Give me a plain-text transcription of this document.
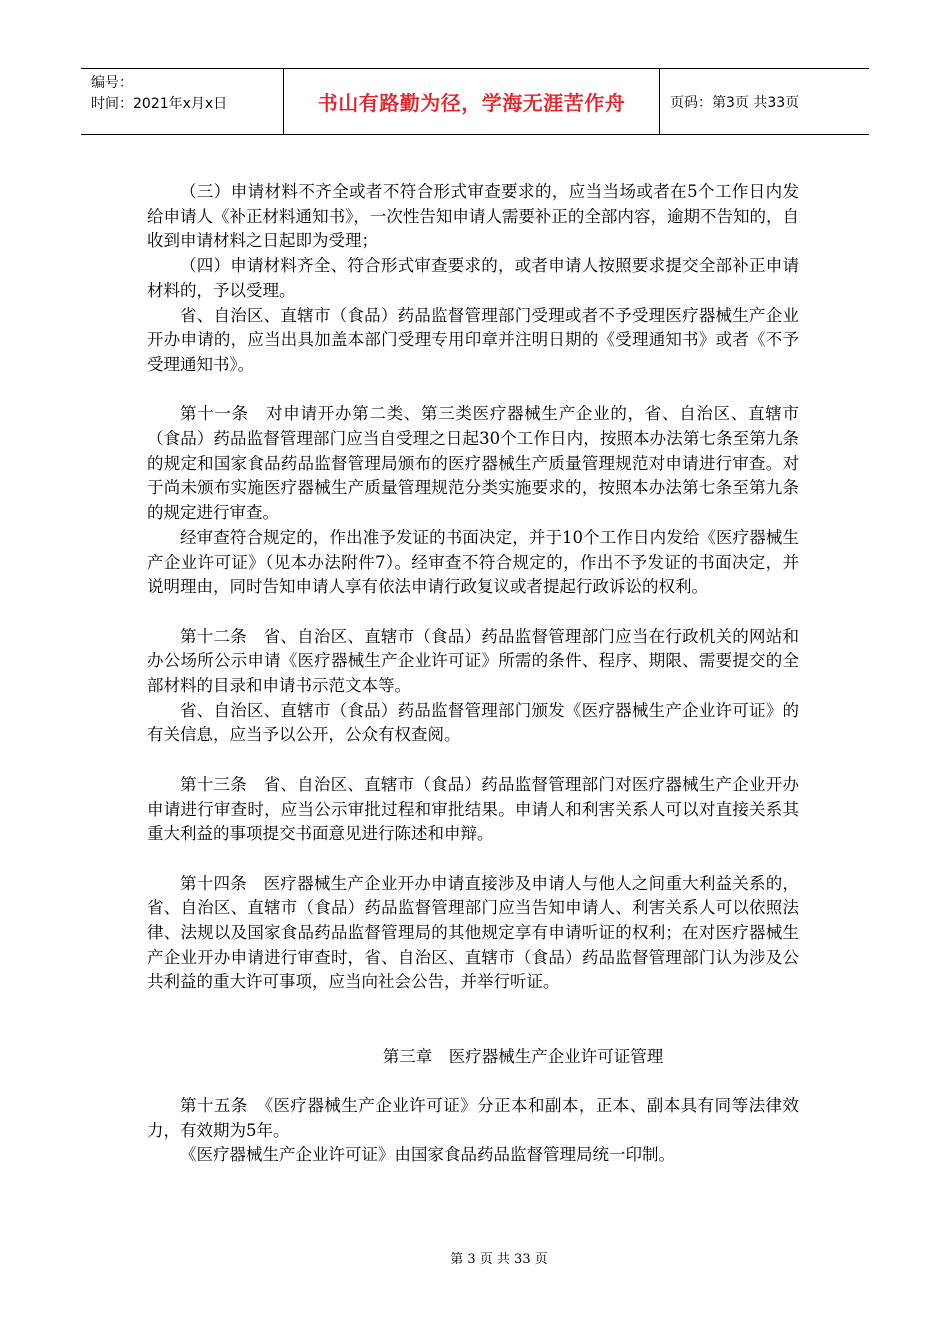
编号：
时间：2021年x月x日	书山有路勤为径，学海无涯苦作舟	页码：第3页 共33页

（三）申请材料不齐全或者不符合形式审查要求的，应当当场或者在5个工作日内发给申请人《补正材料通知书》，一次性告知申请人需要补正的全部内容，逾期不告知的，自收到申请材料之日起即为受理；

（四）申请材料齐全、符合形式审查要求的，或者申请人按照要求提交全部补正申请材料的，予以受理。

省、自治区、直辖市（食品）药品监督管理部门受理或者不予受理医疗器械生产企业开办申请的，应当出具加盖本部门受理专用印章并注明日期的《受理通知书》或者《不予受理通知书》。

第十一条　对申请开办第二类、第三类医疗器械生产企业的，省、自治区、直辖市（食品）药品监督管理部门应当自受理之日起30个工作日内，按照本办法第七条至第九条的规定和国家食品药品监督管理局颁布的医疗器械生产质量管理规范对申请进行审查。对于尚未颁布实施医疗器械生产质量管理规范分类实施要求的，按照本办法第七条至第九条的规定进行审查。

经审查符合规定的，作出准予发证的书面决定，并于10个工作日内发给《医疗器械生产企业许可证》（见本办法附件7）。经审查不符合规定的，作出不予发证的书面决定，并说明理由，同时告知申请人享有依法申请行政复议或者提起行政诉讼的权利。

第十二条　省、自治区、直辖市（食品）药品监督管理部门应当在行政机关的网站和办公场所公示申请《医疗器械生产企业许可证》所需的条件、程序、期限、需要提交的全部材料的目录和申请书示范文本等。

省、自治区、直辖市（食品）药品监督管理部门颁发《医疗器械生产企业许可证》的有关信息，应当予以公开，公众有权查阅。

第十三条　省、自治区、直辖市（食品）药品监督管理部门对医疗器械生产企业开办申请进行审查时，应当公示审批过程和审批结果。申请人和利害关系人可以对直接关系其重大利益的事项提交书面意见进行陈述和申辩。

第十四条　医疗器械生产企业开办申请直接涉及申请人与他人之间重大利益关系的，省、自治区、直辖市（食品）药品监督管理部门应当告知申请人、利害关系人可以依照法律、法规以及国家食品药品监督管理局的其他规定享有申请听证的权利；在对医疗器械生产企业开办申请进行审查时，省、自治区、直辖市（食品）药品监督管理部门认为涉及公共利益的重大许可事项，应当向社会公告，并举行听证。

第三章　医疗器械生产企业许可证管理

第十五条　《医疗器械生产企业许可证》分正本和副本，正本、副本具有同等法律效力，有效期为5年。

《医疗器械生产企业许可证》由国家食品药品监督管理局统一印制。

第 3 页 共 33 页
